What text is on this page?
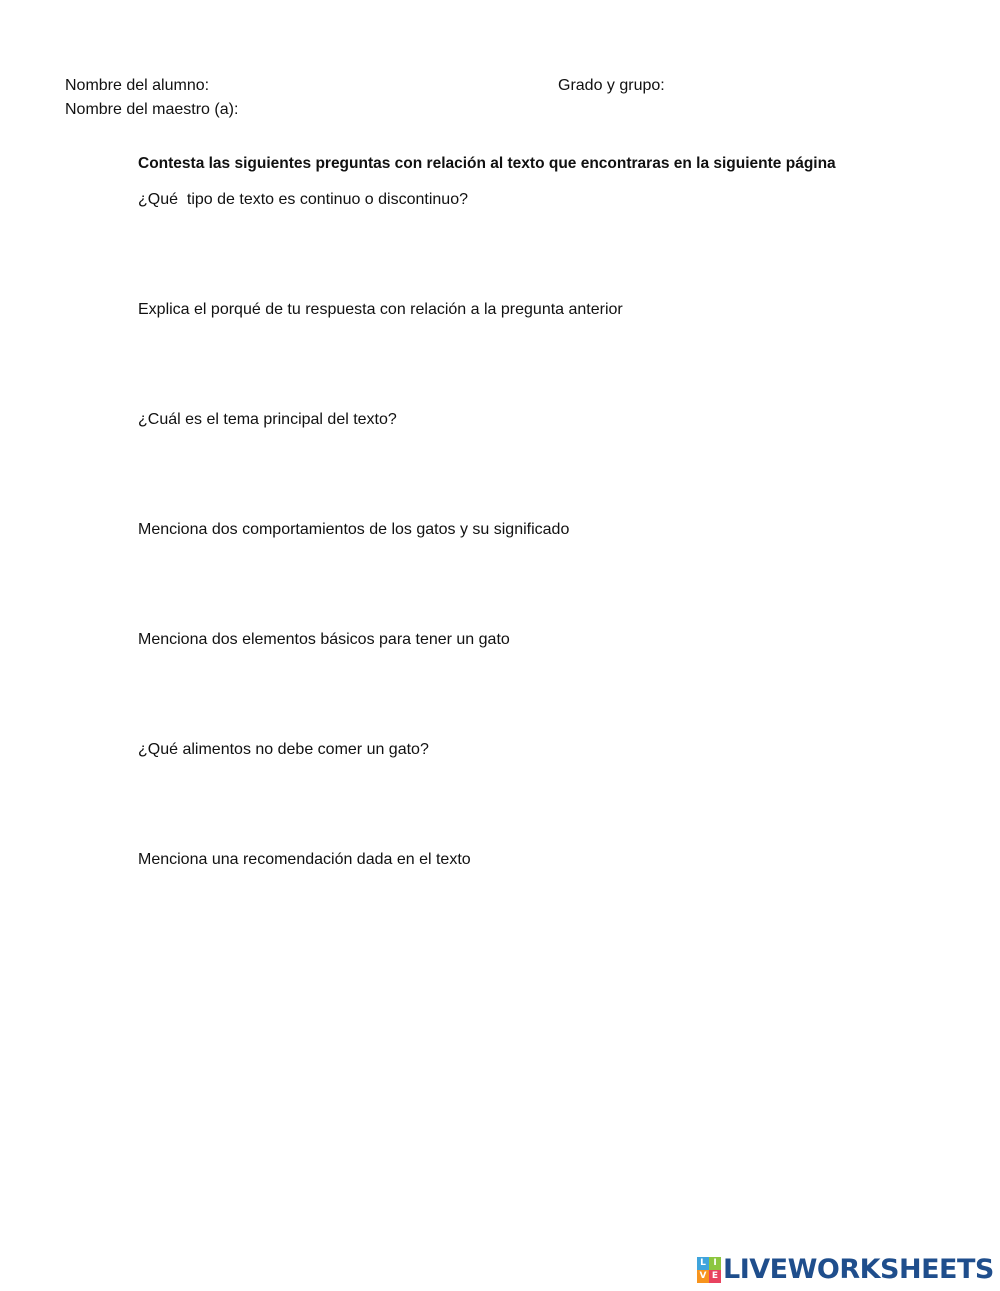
Nombre del alumno:
Nombre del maestro (a):
Grado y grupo:
Contesta las siguientes preguntas con relación al texto que encontraras en la siguiente página
¿Qué  tipo de texto es continuo o discontinuo?
Explica el porqué de tu respuesta con relación a la pregunta anterior
¿Cuál es el tema principal del texto?
Menciona dos comportamientos de los gatos y su significado
Menciona dos elementos básicos para tener un gato
¿Qué alimentos no debe comer un gato?
Menciona una recomendación dada en el texto
L I
V E LIVEWORKSHEETS
